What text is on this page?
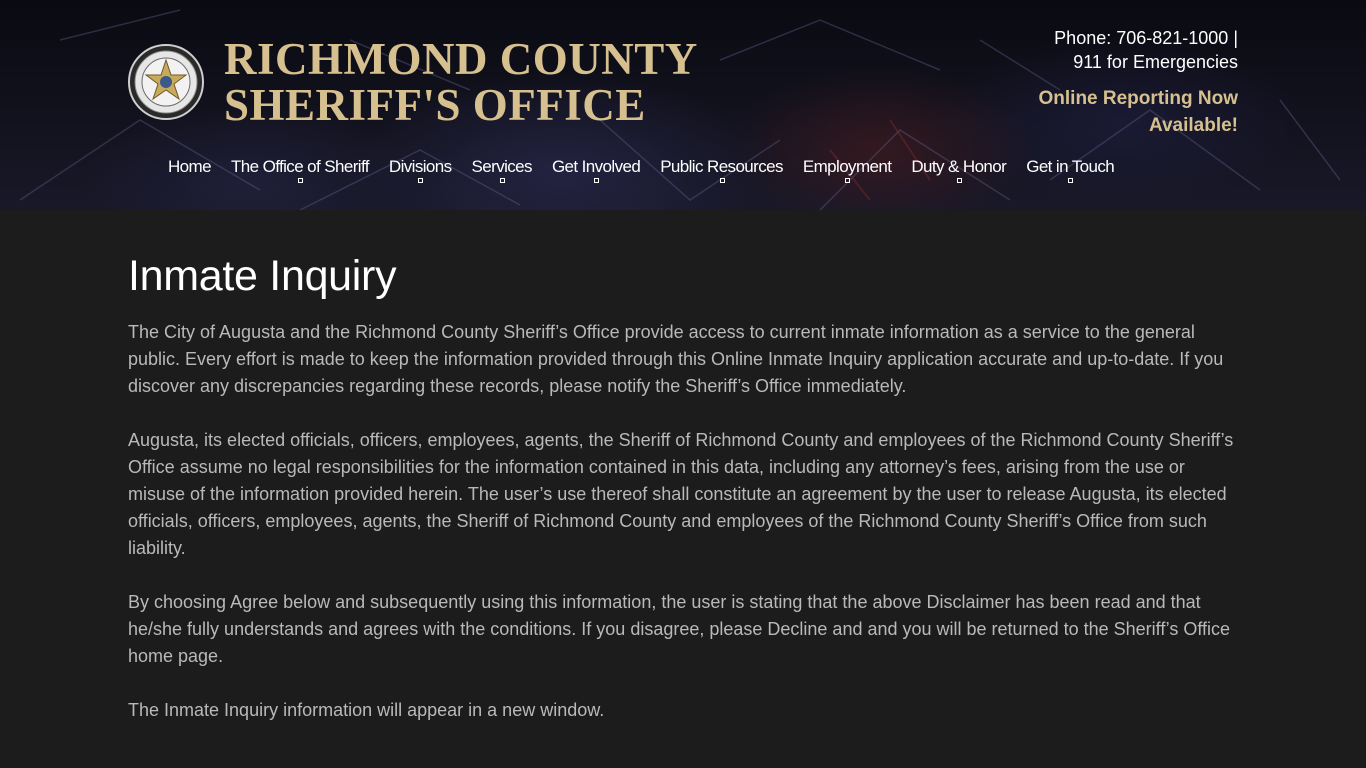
RICHMOND COUNTY
SHERIFF'S OFFICE
Phone: 706-821-1000 |
911 for Emergencies
Online Reporting Now
Available!
Home	The Office of Sheriff	Divisions	Services	Get Involved	Public Resources	Employment	Duty & Honor	Get in Touch
Inmate Inquiry

The City of Augusta and the Richmond County Sheriff’s Office provide access to current inmate information as a service to the general public. Every effort is made to keep the information provided through this Online Inmate Inquiry application accurate and up-to-date. If you discover any discrepancies regarding these records, please notify the Sheriff’s Office immediately.

Augusta, its elected officials, officers, employees, agents, the Sheriff of Richmond County and employees of the Richmond County Sheriff’s Office assume no legal responsibilities for the information contained in this data, including any attorney’s fees, arising from the use or misuse of the information provided herein. The user’s use thereof shall constitute an agreement by the user to release Augusta, its elected officials, officers, employees, agents, the Sheriff of Richmond County and employees of the Richmond County Sheriff’s Office from such liability.

By choosing Agree below and subsequently using this information, the user is stating that the above Disclaimer has been read and that he/she fully understands and agrees with the conditions. If you disagree, please Decline and and you will be returned to the Sheriff’s Office home page.

The Inmate Inquiry information will appear in a new window.
